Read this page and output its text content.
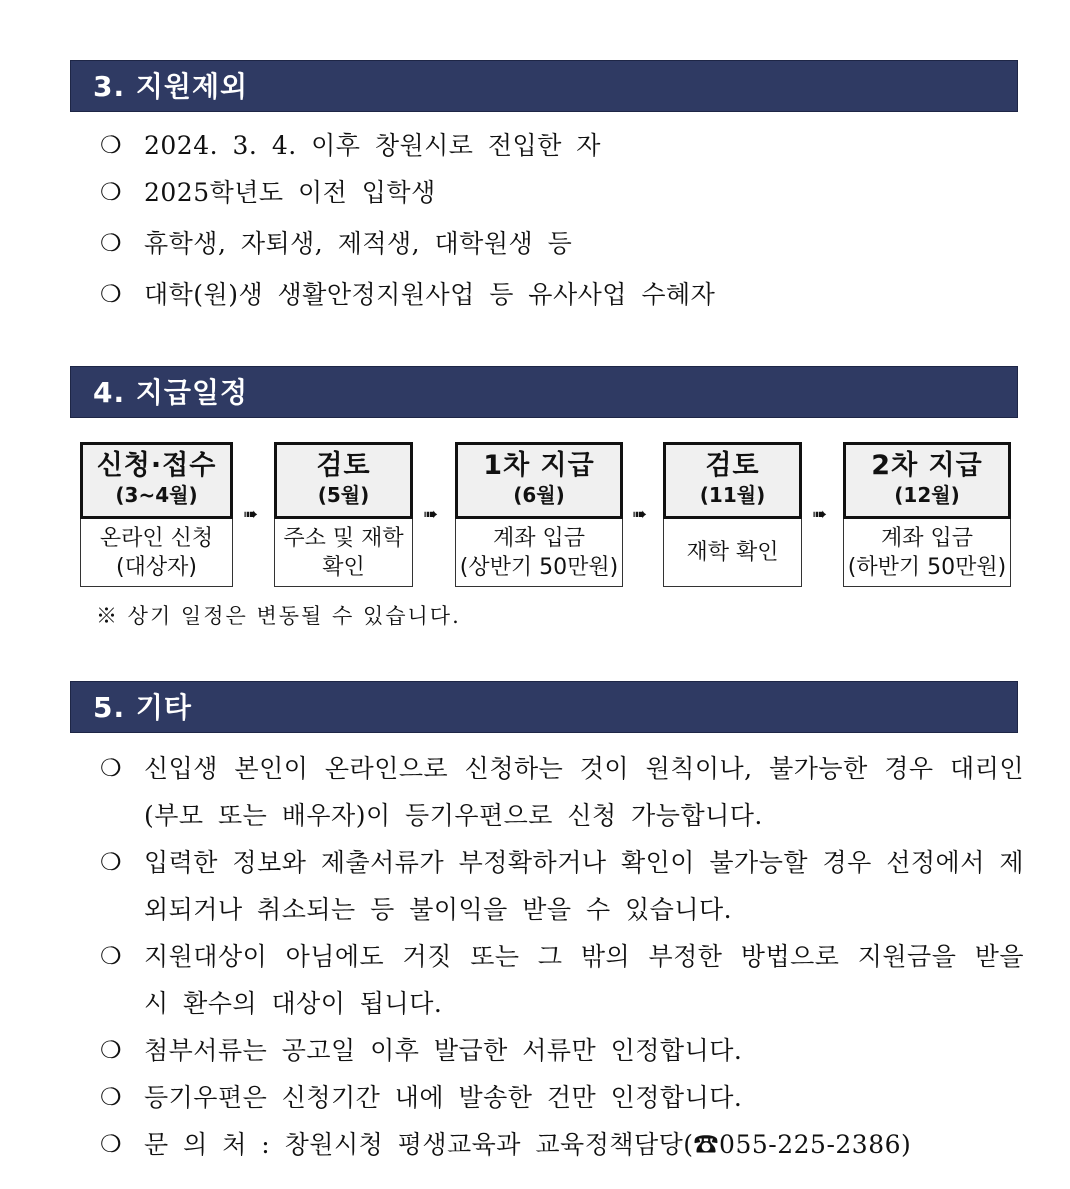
3. 지원제외
❍ 2024. 3. 4. 이후 창원시로 전입한 자
❍ 2025학년도 이전 입학생
❍ 휴학생, 자퇴생, 제적생, 대학원생 등
❍ 대학(원)생 생활안정지원사업 등 유사사업 수혜자
4. 지급일정
신청·접수
(3~4월)
온라인 신청
(대상자)
➠
검토
(5월)
주소 및 재학
확인
➠
1차 지급
(6월)
계좌 입금
(상반기 50만원)
➠
검토
(11월)
재학 확인
➠
2차 지급
(12월)
계좌 입금
(하반기 50만원)
※ 상기 일정은 변동될 수 있습니다.
5. 기타
❍ 신입생 본인이 온라인으로 신청하는 것이 원칙이나, 불가능한 경우 대리인(부모 또는 배우자)이 등기우편으로 신청 가능합니다.
❍ 입력한 정보와 제출서류가 부정확하거나 확인이 불가능할 경우 선정에서 제외되거나 취소되는 등 불이익을 받을 수 있습니다.
❍ 지원대상이 아님에도 거짓 또는 그 밖의 부정한 방법으로 지원금을 받을 시 환수의 대상이 됩니다.
❍ 첨부서류는 공고일 이후 발급한 서류만 인정합니다.
❍ 등기우편은 신청기간 내에 발송한 건만 인정합니다.
❍ 문 의 처 : 창원시청 평생교육과 교육정책담당(☎055-225-2386)
